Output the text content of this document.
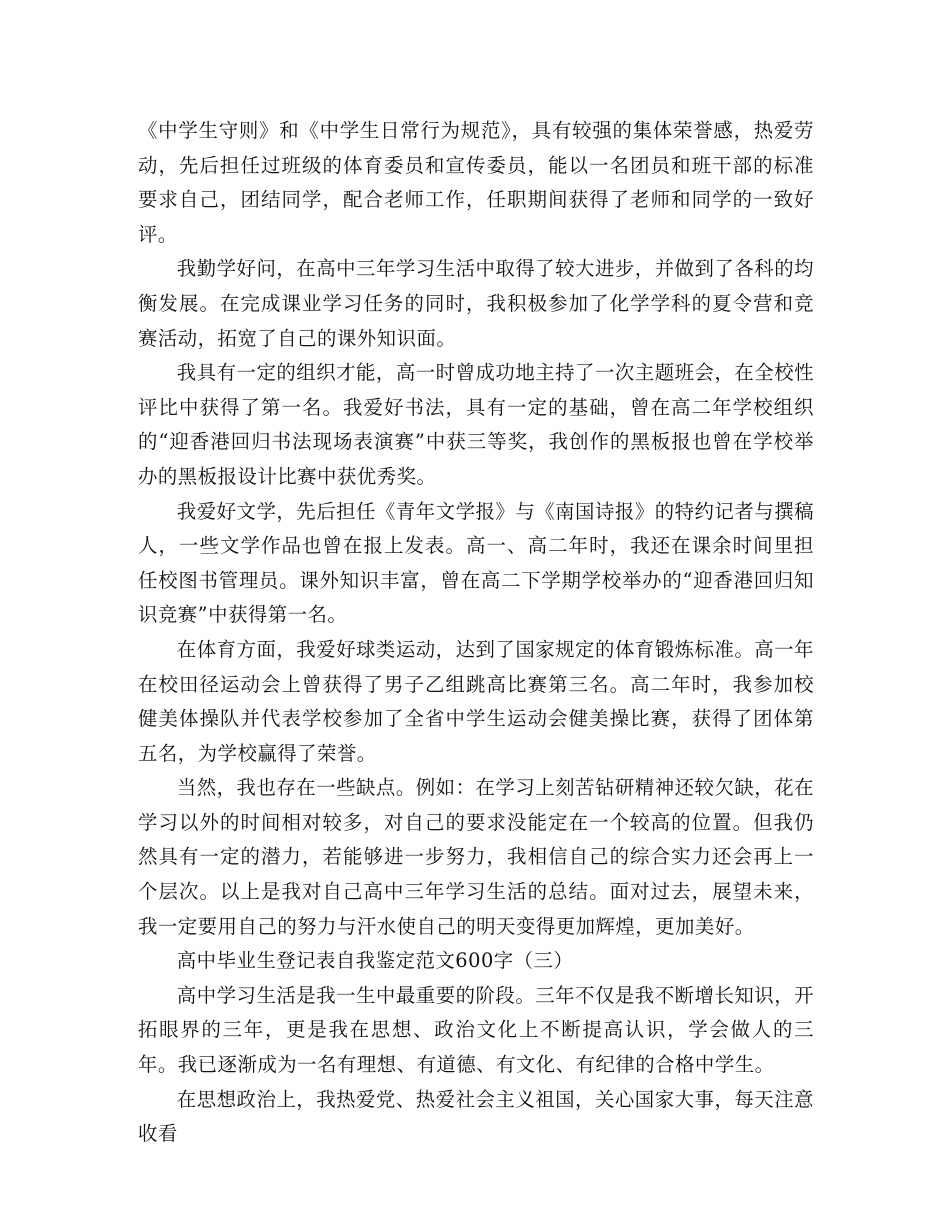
《中学生守则》和《中学生日常行为规范》，具有较强的集体荣誉感，热爱劳动，先后担任过班级的体育委员和宣传委员，能以一名团员和班干部的标准要求自己，团结同学，配合老师工作，任职期间获得了老师和同学的一致好评。

我勤学好问，在高中三年学习生活中取得了较大进步，并做到了各科的均衡发展。在完成课业学习任务的同时，我积极参加了化学学科的夏令营和竞赛活动，拓宽了自己的课外知识面。

我具有一定的组织才能，高一时曾成功地主持了一次主题班会，在全校性评比中获得了第一名。我爱好书法，具有一定的基础，曾在高二年学校组织的“迎香港回归书法现场表演赛”中获三等奖，我创作的黑板报也曾在学校举办的黑板报设计比赛中获优秀奖。

我爱好文学，先后担任《青年文学报》与《南国诗报》的特约记者与撰稿人，一些文学作品也曾在报上发表。高一、高二年时，我还在课余时间里担任校图书管理员。课外知识丰富，曾在高二下学期学校举办的“迎香港回归知识竞赛”中获得第一名。

在体育方面，我爱好球类运动，达到了国家规定的体育锻炼标准。高一年在校田径运动会上曾获得了男子乙组跳高比赛第三名。高二年时，我参加校健美体操队并代表学校参加了全省中学生运动会健美操比赛，获得了团体第五名，为学校赢得了荣誉。

当然，我也存在一些缺点。例如：在学习上刻苦钻研精神还较欠缺，花在学习以外的时间相对较多，对自己的要求没能定在一个较高的位置。但我仍然具有一定的潜力，若能够进一步努力，我相信自己的综合实力还会再上一个层次。以上是我对自己高中三年学习生活的总结。面对过去，展望未来，我一定要用自己的努力与汗水使自己的明天变得更加辉煌，更加美好。

高中毕业生登记表自我鉴定范文600字（三）

高中学习生活是我一生中最重要的阶段。三年不仅是我不断增长知识，开拓眼界的三年，更是我在思想、政治文化上不断提高认识，学会做人的三年。我已逐渐成为一名有理想、有道德、有文化、有纪律的合格中学生。

在思想政治上，我热爱党、热爱社会主义祖国，关心国家大事，每天注意收看
